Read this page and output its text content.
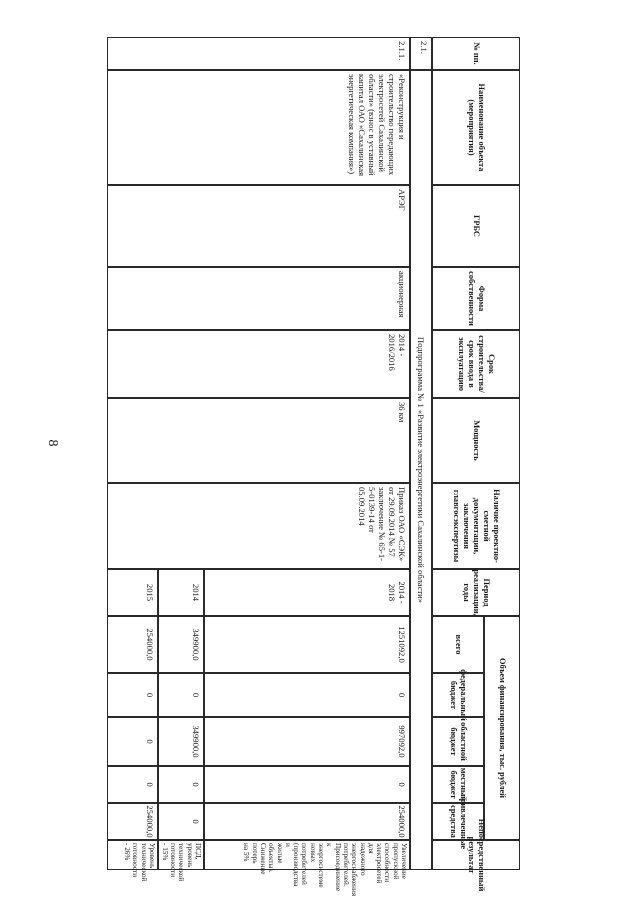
8
№ пп.
Наименование объекта (мероприятия)
ГРБС
Форма собственности
Срок строительства/срок ввода в эксплуатацию
Мощность
Наличие проектно-сметной документации, заключения главгосэкспертизы
Период реализации, годы
Объем финансирования, тыс. рублей
всего
федеральный бюджет
областной бюджет
местный бюджет
привлеченные средства	Непосредственный результат
2.1.
Подпрограмма № 1 «Развитие электроэнергетики Сахалинской области»
2.1.1.
«Реконструкция и строительство передающих электросетей Сахалинской области» (взнос в уставный капитал ОАО «Сахалинская энергетическая компания»)
АРЭГ
акционерная
2014 - 2016/2016
36 км
Приказ ОАО «СЭК» от 29.09.2014 № 57 заключение № 65-1-5-0139-14 от 05.09.2014
2014 - 2018
1251092,0
0
997092,0
0
254000,0
Увеличение пропускной способности электросетей для надежного энергоснабжения потребителей. Присоединение к энергосистеме новых потребителей (производства и жилые объекты). Снижение потерь на 5%
2014
349900,0
0
349900,0
0
0
ПСД, уровень технической готовности - 15%
2015
254000,0
0
0
0
254000,0
Уровень технической готовности - 26%
